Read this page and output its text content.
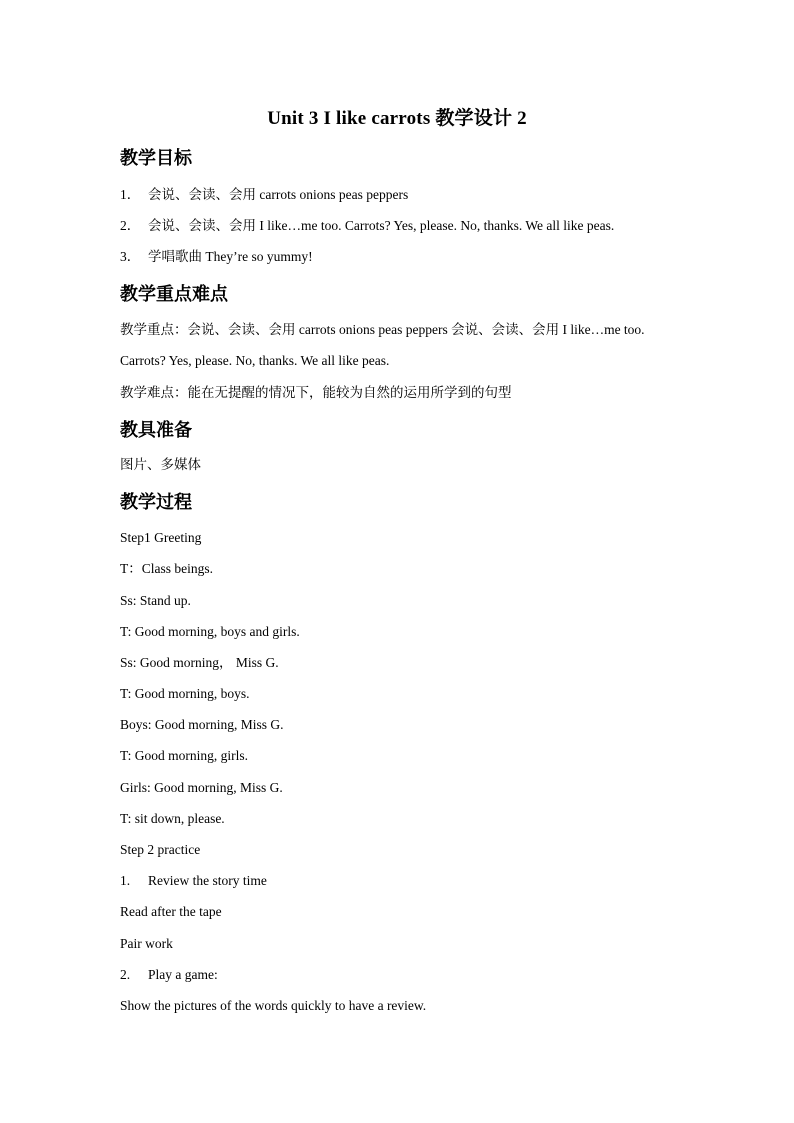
Unit 3 I like carrots 教学设计 2
教学目标
1． 会说、会读、会用 carrots onions peas peppers
2． 会说、会读、会用 I like…me too. Carrots? Yes, please. No, thanks. We all like peas.
3． 学唱歌曲 They’re so yummy!
教学重点难点
教学重点：会说、会读、会用 carrots onions peas peppers 会说、会读、会用 I like…me too.
Carrots? Yes, please. No, thanks. We all like peas.
教学难点：能在无提醒的情况下，能较为自然的运用所学到的句型
教具准备
图片、多媒体
教学过程
Step1 Greeting
T：Class beings.
Ss: Stand up.
T: Good morning, boys and girls.
Ss: Good morning， Miss G.
T: Good morning, boys.
Boys: Good morning, Miss G.
T: Good morning, girls.
Girls: Good morning, Miss G.
T: sit down, please.
Step 2 practice
1. Review the story time
Read after the tape
Pair work
2. Play a game:
Show the pictures of the words quickly to have a review.
